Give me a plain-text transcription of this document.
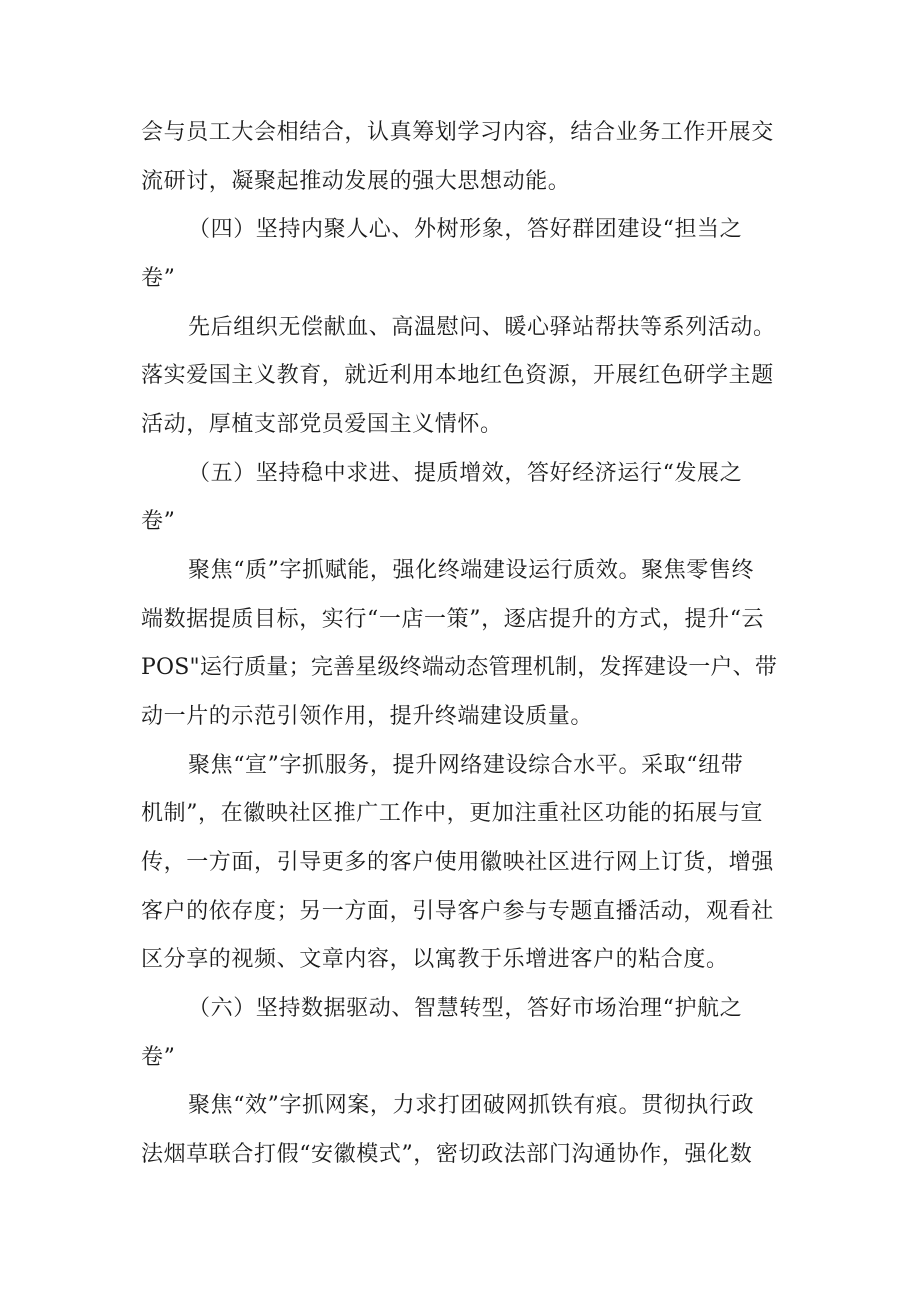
会与员工大会相结合，认真筹划学习内容，结合业务工作开展交
流研讨，凝聚起推动发展的强大思想动能。
（四）坚持内聚人心、外树形象，答好群团建设“担当之
卷”
先后组织无偿献血、高温慰问、暖心驿站帮扶等系列活动。
落实爱国主义教育，就近利用本地红色资源，开展红色研学主题
活动，厚植支部党员爱国主义情怀。
（五）坚持稳中求进、提质增效，答好经济运行“发展之
卷”
聚焦“质”字抓赋能，强化终端建设运行质效。聚焦零售终
端数据提质目标，实行“一店一策”，逐店提升的方式，提升“云
POS"运行质量；完善星级终端动态管理机制，发挥建设一户、带
动一片的示范引领作用，提升终端建设质量。
聚焦“宣”字抓服务，提升网络建设综合水平。采取“纽带
机制”，在徽映社区推广工作中，更加注重社区功能的拓展与宣
传，一方面，引导更多的客户使用徽映社区进行网上订货，增强
客户的依存度；另一方面，引导客户参与专题直播活动，观看社
区分享的视频、文章内容，以寓教于乐增进客户的粘合度。
（六）坚持数据驱动、智慧转型，答好市场治理“护航之
卷”
聚焦“效”字抓网案，力求打团破网抓铁有痕。贯彻执行政
法烟草联合打假“安徽模式”，密切政法部门沟通协作，强化数
